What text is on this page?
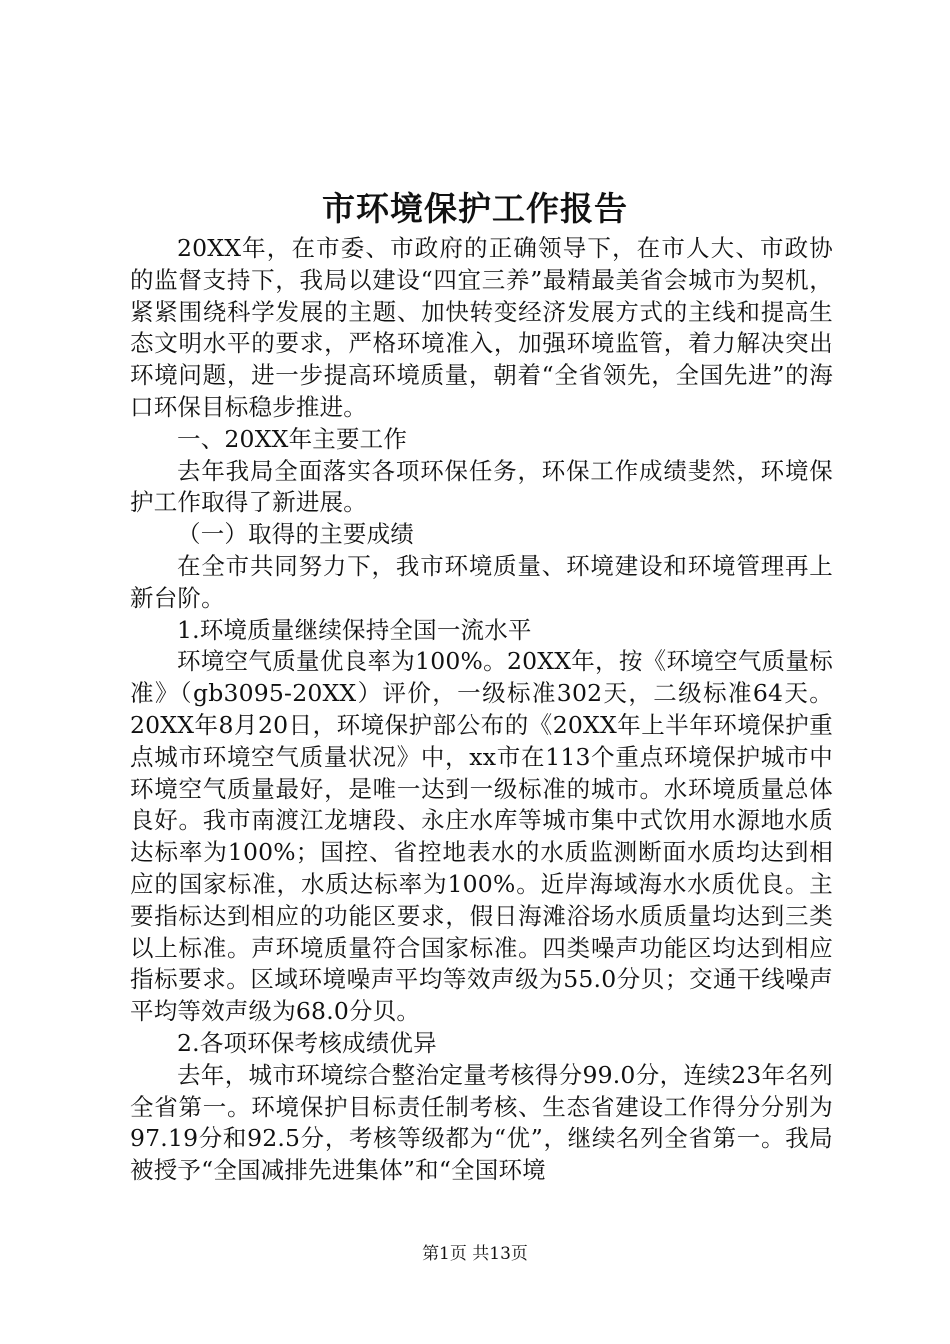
市环境保护工作报告

20XX年，在市委、市政府的正确领导下，在市人大、市政协的监督支持下，我局以建设“四宜三养”最精最美省会城市为契机，紧紧围绕科学发展的主题、加快转变经济发展方式的主线和提高生态文明水平的要求，严格环境准入，加强环境监管，着力解决突出环境问题，进一步提高环境质量，朝着“全省领先，全国先进”的海口环保目标稳步推进。

一、20XX年主要工作

去年我局全面落实各项环保任务，环保工作成绩斐然，环境保护工作取得了新进展。

（一）取得的主要成绩

在全市共同努力下，我市环境质量、环境建设和环境管理再上新台阶。

1.环境质量继续保持全国一流水平

环境空气质量优良率为100%。20XX年，按《环境空气质量标准》（gb3095-20XX）评价，一级标准302天，二级标准64天。20XX年8月20日，环境保护部公布的《20XX年上半年环境保护重点城市环境空气质量状况》中，xx市在113个重点环境保护城市中环境空气质量最好，是唯一达到一级标准的城市。水环境质量总体良好。我市南渡江龙塘段、永庄水库等城市集中式饮用水源地水质达标率为100%；国控、省控地表水的水质监测断面水质均达到相应的国家标准，水质达标率为100%。近岸海域海水水质优良。主要指标达到相应的功能区要求，假日海滩浴场水质质量均达到三类以上标准。声环境质量符合国家标准。四类噪声功能区均达到相应指标要求。区域环境噪声平均等效声级为55.0分贝；交通干线噪声平均等效声级为68.0分贝。

2.各项环保考核成绩优异

去年，城市环境综合整治定量考核得分99.0分，连续23年名列全省第一。环境保护目标责任制考核、生态省建设工作得分分别为97.19分和92.5分，考核等级都为“优”，继续名列全省第一。我局被授予“全国减排先进集体”和“全国环境

第1页 共13页
